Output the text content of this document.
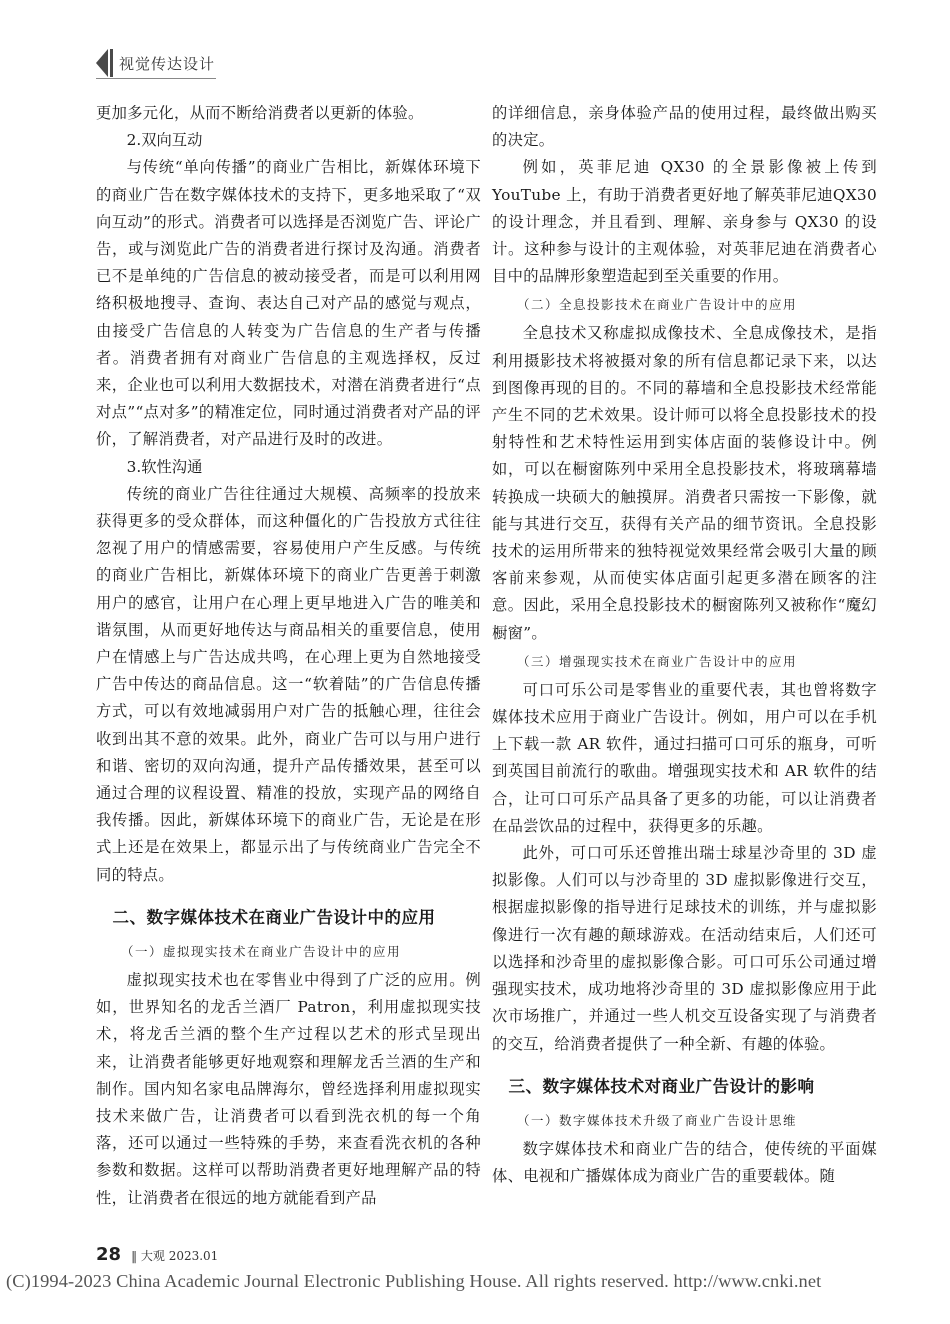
视觉传达设计

更加多元化，从而不断给消费者以更新的体验。

2.双向互动

与传统“单向传播”的商业广告相比，新媒体环境下的商业广告在数字媒体技术的支持下，更多地采取了“双向互动”的形式。消费者可以选择是否浏览广告、评论广告，或与浏览此广告的消费者进行探讨及沟通。消费者已不是单纯的广告信息的被动接受者，而是可以利用网络积极地搜寻、查询、表达自己对产品的感觉与观点，由接受广告信息的人转变为广告信息的生产者与传播者。消费者拥有对商业广告信息的主观选择权，反过来，企业也可以利用大数据技术，对潜在消费者进行“点对点”“点对多”的精准定位，同时通过消费者对产品的评价，了解消费者，对产品进行及时的改进。

3.软性沟通

传统的商业广告往往通过大规模、高频率的投放来获得更多的受众群体，而这种僵化的广告投放方式往往忽视了用户的情感需要，容易使用户产生反感。与传统的商业广告相比，新媒体环境下的商业广告更善于刺激用户的感官，让用户在心理上更早地进入广告的唯美和谐氛围，从而更好地传达与商品相关的重要信息，使用户在情感上与广告达成共鸣，在心理上更为自然地接受广告中传达的商品信息。这一“软着陆”的广告信息传播方式，可以有效地减弱用户对广告的抵触心理，往往会收到出其不意的效果。此外，商业广告可以与用户进行和谐、密切的双向沟通，提升产品传播效果，甚至可以通过合理的议程设置、精准的投放，实现产品的网络自我传播。因此，新媒体环境下的商业广告，无论是在形式上还是在效果上，都显示出了与传统商业广告完全不同的特点。

二、数字媒体技术在商业广告设计中的应用
（一）虚拟现实技术在商业广告设计中的应用

虚拟现实技术也在零售业中得到了广泛的应用。例如，世界知名的龙舌兰酒厂 Patron，利用虚拟现实技术，将龙舌兰酒的整个生产过程以艺术的形式呈现出来，让消费者能够更好地观察和理解龙舌兰酒的生产和制作。国内知名家电品牌海尔，曾经选择利用虚拟现实技术来做广告，让消费者可以看到洗衣机的每一个角落，还可以通过一些特殊的手势，来查看洗衣机的各种参数和数据。这样可以帮助消费者更好地理解产品的特性，让消费者在很远的地方就能看到产品

的详细信息，亲身体验产品的使用过程，最终做出购买的决定。

例如，英菲尼迪 QX30 的全景影像被上传到 YouTube 上，有助于消费者更好地了解英菲尼迪QX30 的设计理念，并且看到、理解、亲身参与 QX30 的设计。这种参与设计的主观体验，对英菲尼迪在消费者心目中的品牌形象塑造起到至关重要的作用。

（二）全息投影技术在商业广告设计中的应用

全息技术又称虚拟成像技术、全息成像技术，是指利用摄影技术将被摄对象的所有信息都记录下来，以达到图像再现的目的。不同的幕墙和全息投影技术经常能产生不同的艺术效果。设计师可以将全息投影技术的投射特性和艺术特性运用到实体店面的装修设计中。例如，可以在橱窗陈列中采用全息投影技术，将玻璃幕墙转换成一块硕大的触摸屏。消费者只需按一下影像，就能与其进行交互，获得有关产品的细节资讯。全息投影技术的运用所带来的独特视觉效果经常会吸引大量的顾客前来参观，从而使实体店面引起更多潜在顾客的注意。因此，采用全息投影技术的橱窗陈列又被称作“魔幻橱窗”。

（三）增强现实技术在商业广告设计中的应用

可口可乐公司是零售业的重要代表，其也曾将数字媒体技术应用于商业广告设计。例如，用户可以在手机上下载一款 AR 软件，通过扫描可口可乐的瓶身，可听到英国目前流行的歌曲。增强现实技术和 AR 软件的结合，让可口可乐产品具备了更多的功能，可以让消费者在品尝饮品的过程中，获得更多的乐趣。

此外，可口可乐还曾推出瑞士球星沙奇里的 3D 虚拟影像。人们可以与沙奇里的 3D 虚拟影像进行交互，根据虚拟影像的指导进行足球技术的训练，并与虚拟影像进行一次有趣的颠球游戏。在活动结束后，人们还可以选择和沙奇里的虚拟影像合影。可口可乐公司通过增强现实技术，成功地将沙奇里的 3D 虚拟影像应用于此次市场推广，并通过一些人机交互设备实现了与消费者的交互，给消费者提供了一种全新、有趣的体验。

三、数字媒体技术对商业广告设计的影响
（一）数字媒体技术升级了商业广告设计思维

数字媒体技术和商业广告的结合，使传统的平面媒体、电视和广播媒体成为商业广告的重要载体。随

28 ‖ 大观 2023.01
(C)1994-2023 China Academic Journal Electronic Publishing House. All rights reserved. http://www.cnki.net
